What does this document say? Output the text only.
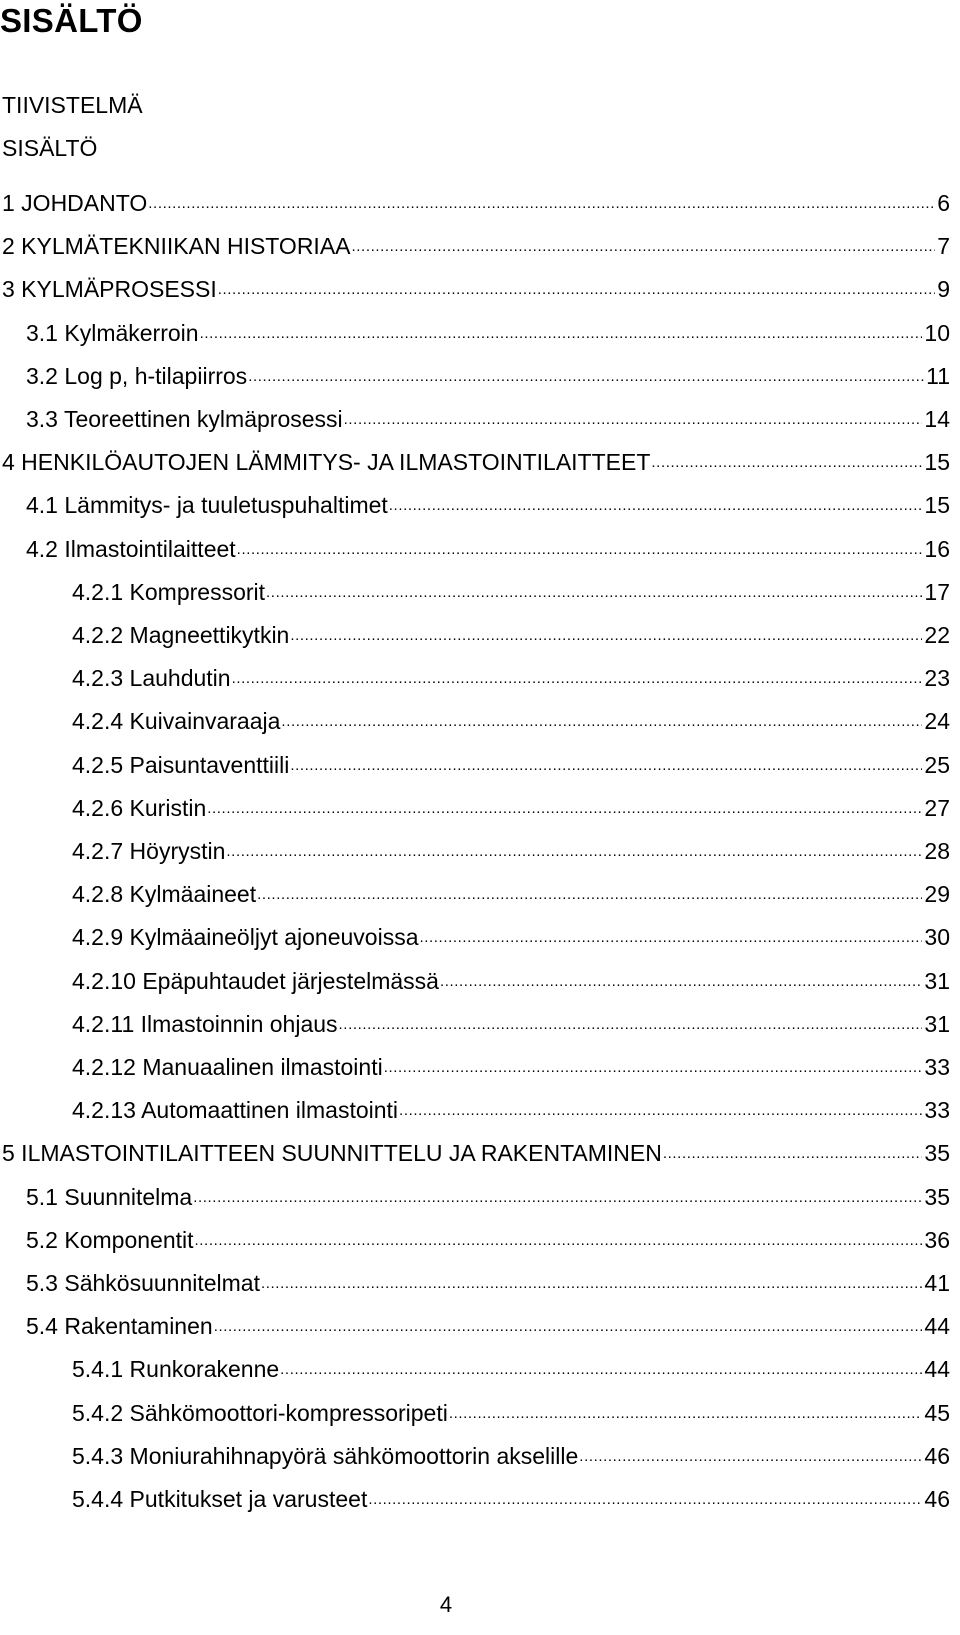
SISÄLTÖ
TIIVISTELMÄ
SISÄLTÖ
1 JOHDANTO .....	6
2 KYLMÄTEKNIIKAN HISTORIAA .....	7
3 KYLMÄPROSESSI .....	9
3.1 Kylmäkerroin .....	10
3.2 Log p, h-tilapiirros .....	11
3.3 Teoreettinen kylmäprosessi .....	14
4 HENKILÖAUTOJEN LÄMMITYS- JA ILMASTOINTILAITTEET .....	15
4.1 Lämmitys- ja tuuletuspuhaltimet .....	15
4.2 Ilmastointilaitteet .....	16
4.2.1 Kompressorit .....	17
4.2.2 Magneettikytkin .....	22
4.2.3 Lauhdutin .....	23
4.2.4 Kuivainvaraaja .....	24
4.2.5 Paisuntaventtiili .....	25
4.2.6 Kuristin .....	27
4.2.7 Höyrystin .....	28
4.2.8 Kylmäaineet .....	29
4.2.9 Kylmäaineöljyt ajoneuvoissa .....	30
4.2.10 Epäpuhtaudet järjestelmässä .....	31
4.2.11 Ilmastoinnin ohjaus .....	31
4.2.12 Manuaalinen ilmastointi .....	33
4.2.13 Automaattinen ilmastointi .....	33
5 ILMASTOINTILAITTEEN SUUNNITTELU JA RAKENTAMINEN .....	35
5.1 Suunnitelma .....	35
5.2 Komponentit .....	36
5.3 Sähkösuunnitelmat .....	41
5.4 Rakentaminen .....	44
5.4.1 Runkorakenne .....	44
5.4.2 Sähkömoottori-kompressoripeti .....	45
5.4.3 Moniurahihnapyörä sähkömoottorin akselille .....	46
5.4.4 Putkitukset ja varusteet .....	46
4
